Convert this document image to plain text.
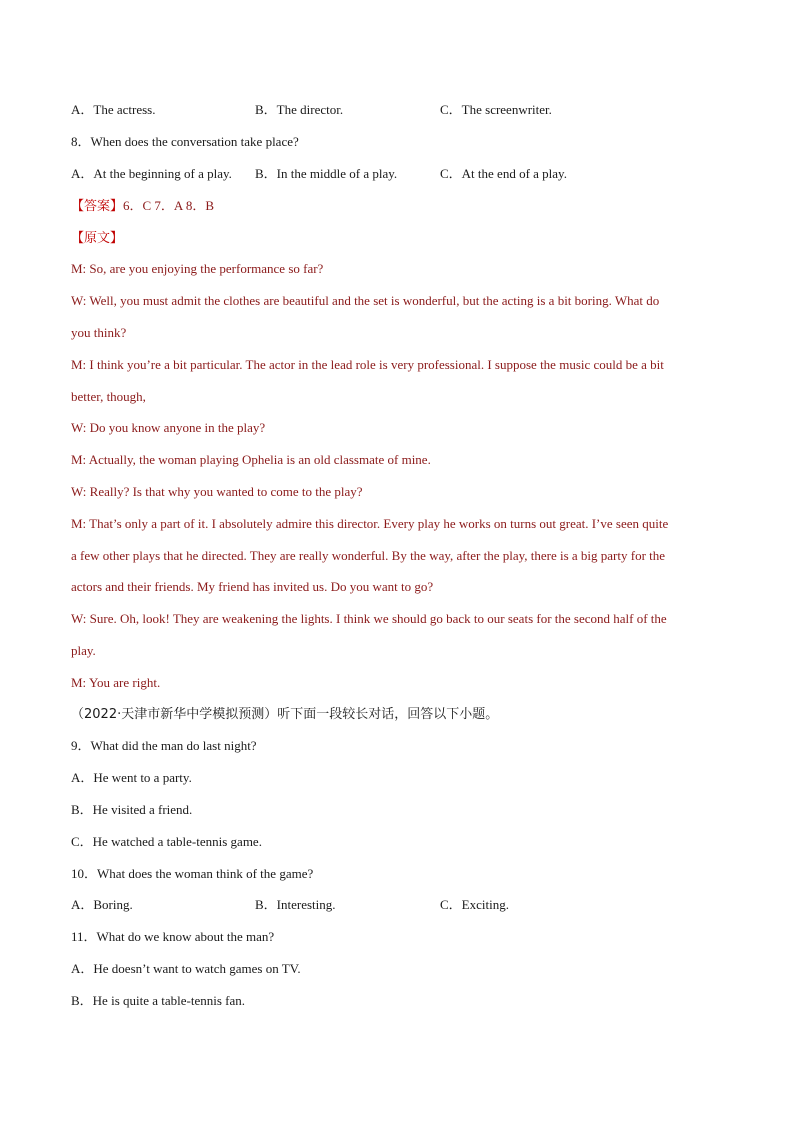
A．The actress.	B．The director.	C．The screenwriter.
8．When does the conversation take place?
A．At the beginning of a play. B．In the middle of a play.	C．At the end of a play.
【答案】6．C 7．A 8．B
【原文】
M: So, are you enjoying the performance so far?
W: Well, you must admit the clothes are beautiful and the set is wonderful, but the acting is a bit boring. What do
you think?
M: I think you’re a bit particular. The actor in the lead role is very professional. I suppose the music could be a bit
better, though,
W: Do you know anyone in the play?
M: Actually, the woman playing Ophelia is an old classmate of mine.
W: Really? Is that why you wanted to come to the play?
M: That’s only a part of it. I absolutely admire this director. Every play he works on turns out great. I’ve seen quite
a few other plays that he directed. They are really wonderful. By the way, after the play, there is a big party for the
actors and their friends. My friend has invited us. Do you want to go?
W: Sure. Oh, look! They are weakening the lights. I think we should go back to our seats for the second half of the
play.
M: You are right.
（2022·天津市新华中学模拟预测）听下面一段较长对话，回答以下小题。
9．What did the man do last night?
A．He went to a party.
B．He visited a friend.
C．He watched a table-tennis game.
10．What does the woman think of the game?
A．Boring.	B．Interesting.	C．Exciting.
11．What do we know about the man?
A．He doesn’t want to watch games on TV.
B．He is quite a table-tennis fan.
